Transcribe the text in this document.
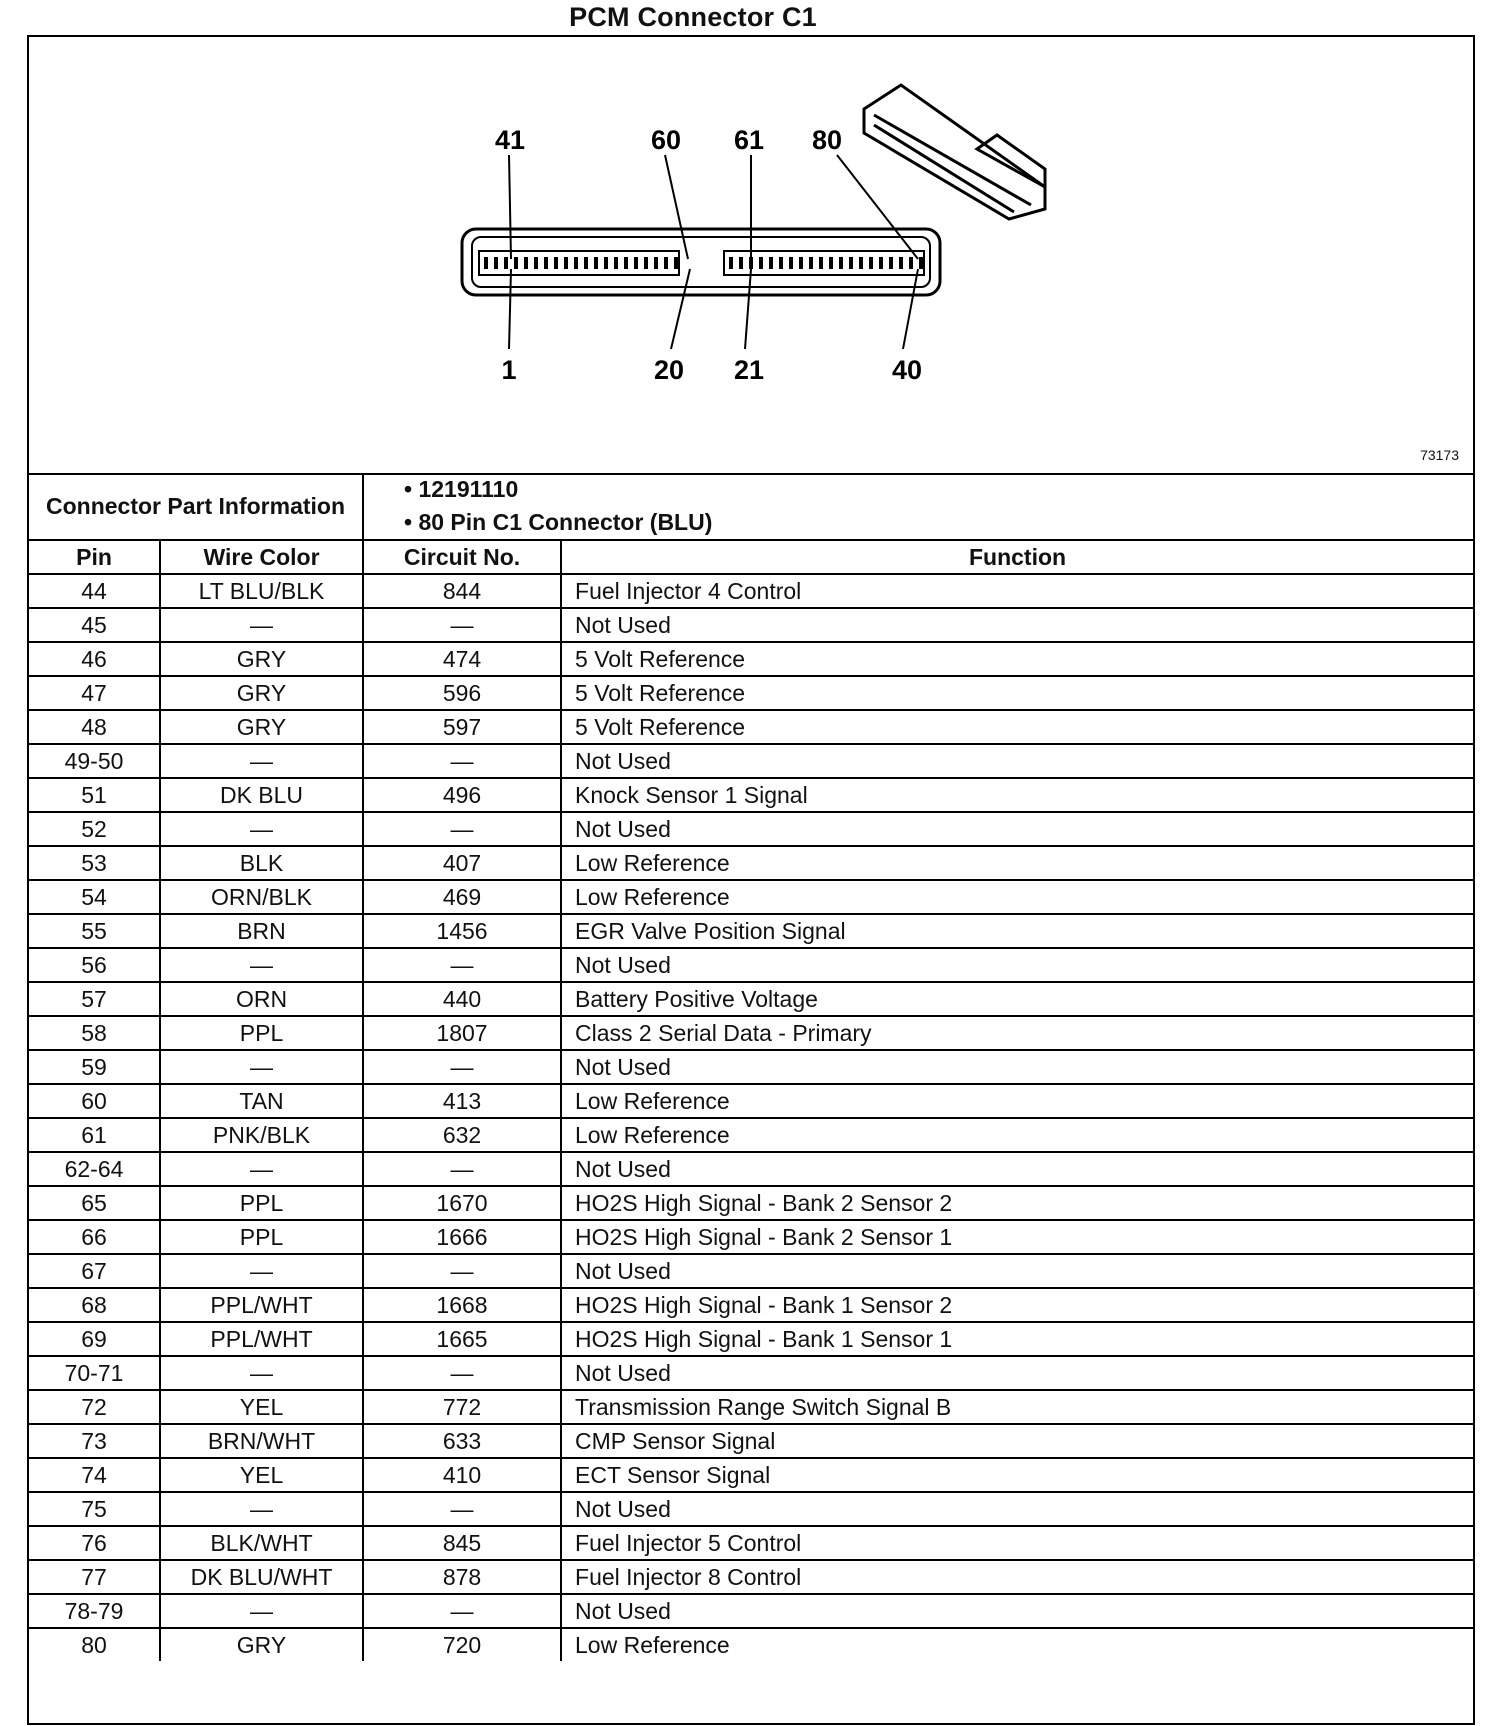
PCM Connector C1
41	60 61 80
1	20 21	40
73173
Connector Part Information		• 12191110
• 80 Pin C1 Connector (BLU)	

Pin	Wire Color	Circuit No.	Function
44	LT BLU/BLK	844	Fuel Injector 4 Control
45	—	—	Not Used
46	GRY	474	5 Volt Reference
47	GRY	596	5 Volt Reference
48	GRY	597	5 Volt Reference
49-50	—	—	Not Used
51	DK BLU	496	Knock Sensor 1 Signal
52	—	—	Not Used
53	BLK	407	Low Reference
54	ORN/BLK	469	Low Reference
55	BRN	1456	EGR Valve Position Signal
56	—	—	Not Used
57	ORN	440	Battery Positive Voltage
58	PPL	1807	Class 2 Serial Data - Primary
59	—	—	Not Used
60	TAN	413	Low Reference
61	PNK/BLK	632	Low Reference
62-64	—	—	Not Used
65	PPL	1670	HO2S High Signal - Bank 2 Sensor 2
66	PPL	1666	HO2S High Signal - Bank 2 Sensor 1
67	—	—	Not Used
68	PPL/WHT	1668	HO2S High Signal - Bank 1 Sensor 2
69	PPL/WHT	1665	HO2S High Signal - Bank 1 Sensor 1
70-71	—	—	Not Used
72	YEL	772	Transmission Range Switch Signal B
73	BRN/WHT	633	CMP Sensor Signal
74	YEL	410	ECT Sensor Signal
75	—	—	Not Used
76	BLK/WHT	845	Fuel Injector 5 Control
77	DK BLU/WHT	878	Fuel Injector 8 Control
78-79	—	—	Not Used
80	GRY	720	Low Reference
